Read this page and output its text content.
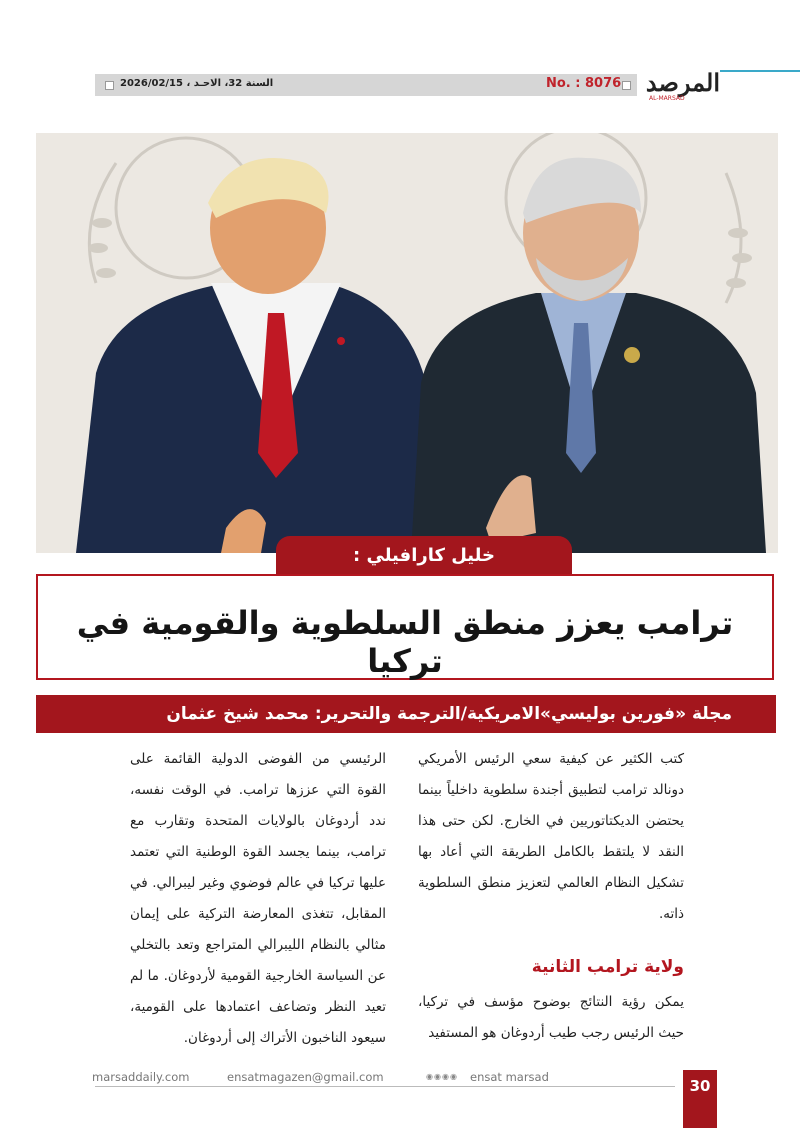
السنة 32، الاحـد ، 2026/02/15	No. : 8076 المرصد
AL-MARSAD
خليل كارافيلي :
ترامب يعزز منطق السلطوية والقومية في تركيا
مجلة «فورين بوليسي»الامريكية/الترجمة والتحرير: محمد شيخ عثمان

كتب الكثير عن كيفية سعي الرئيس الأمريكي دونالد ترامب لتطبيق أجندة سلطوية داخلياً بينما يحتضن الديكتاتوريين في الخارج. لكن حتى هذا النقد لا يلتقط بالكامل الطريقة التي أعاد بها تشكيل النظام العالمي لتعزيز منطق السلطوية ذاته.

ولاية ترامب الثانية

يمكن رؤية النتائج بوضوح مؤسف في تركيا، حيث الرئيس رجب طيب أردوغان هو المستفيد

الرئيسي من الفوضى الدولية القائمة على القوة التي عززها ترامب. في الوقت نفسه، ندد أردوغان بالولايات المتحدة وتقارب مع ترامب، بينما يجسد القوة الوطنية التي تعتمد عليها تركيا في عالم فوضوي وغير ليبرالي. في المقابل، تتغذى المعارضة التركية على إيمان مثالي بالنظام الليبرالي المتراجع وتعد بالتخلي عن السياسة الخارجية القومية لأردوغان. ما لم تعيد النظر وتضاعف اعتمادها على القومية، سيعود الناخبون الأتراك إلى أردوغان.

marsaddaily.com	ensatmagazen@gmail.com	◉◉◉◉ ensat marsad	30
